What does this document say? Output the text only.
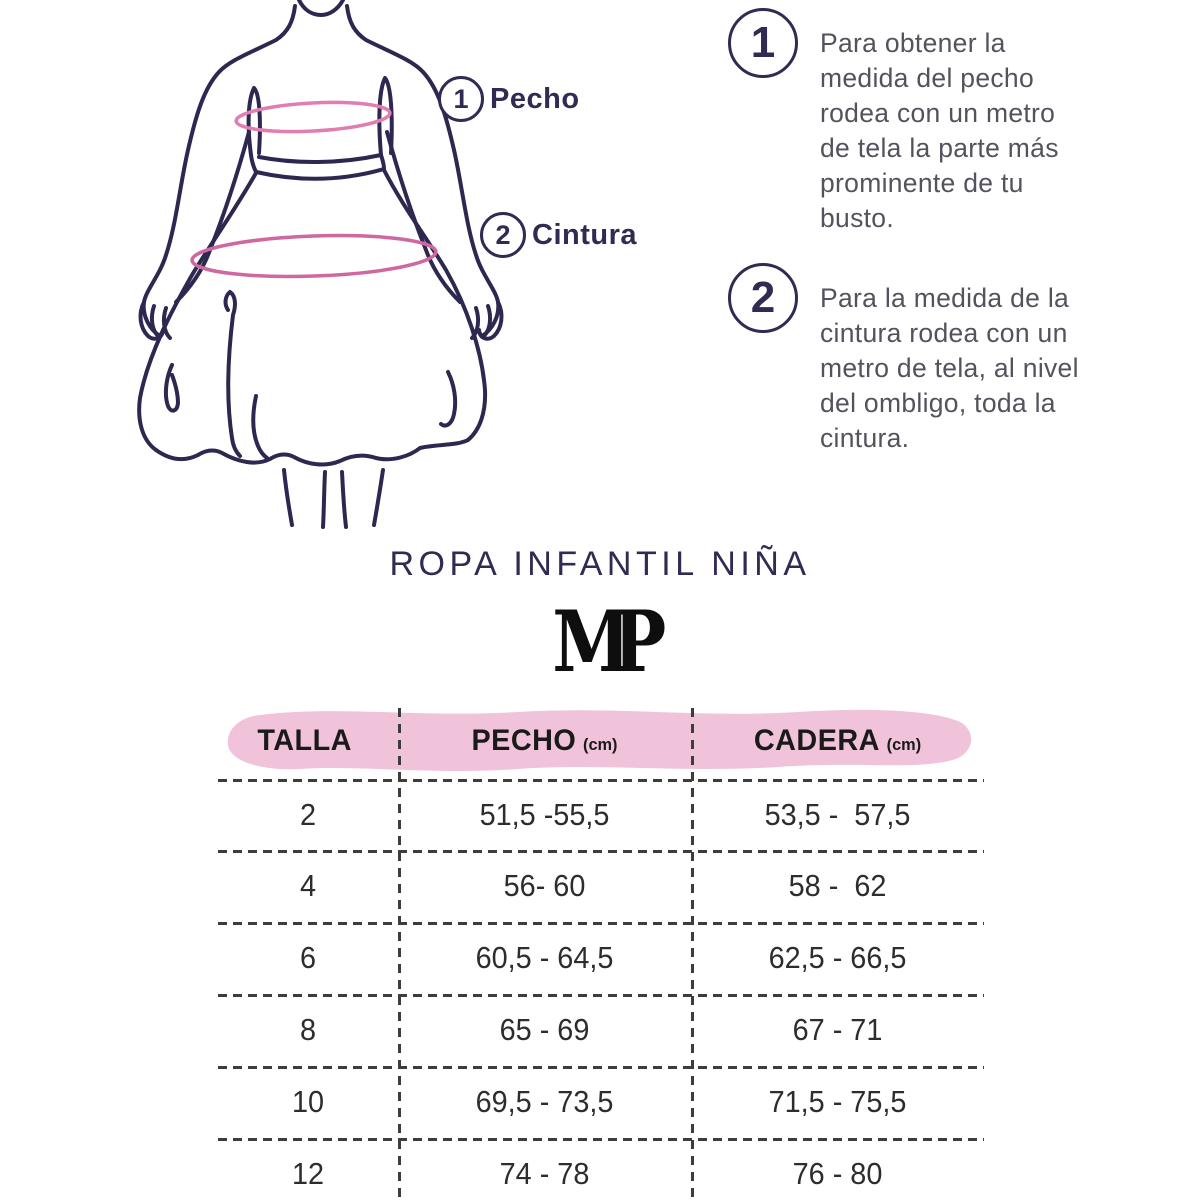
1 Pecho
2 Cintura
1 Para obtener la medida del pecho rodea con un metro de tela la parte más prominente de tu busto.
2 Para la medida de la cintura rodea con un metro de tela, al nivel del ombligo, toda la cintura.
ROPA INFANTIL NIÑA
MP
TALLA	PECHO (cm)	CADERA (cm)
2	51,5 -55,5	53,5 -  57,5
4	56- 60	58 -  62
6	60,5 - 64,5	62,5 - 66,5
8	65 - 69	67 - 71
10	69,5 - 73,5	71,5 - 75,5
12	74 - 78	76 - 80
